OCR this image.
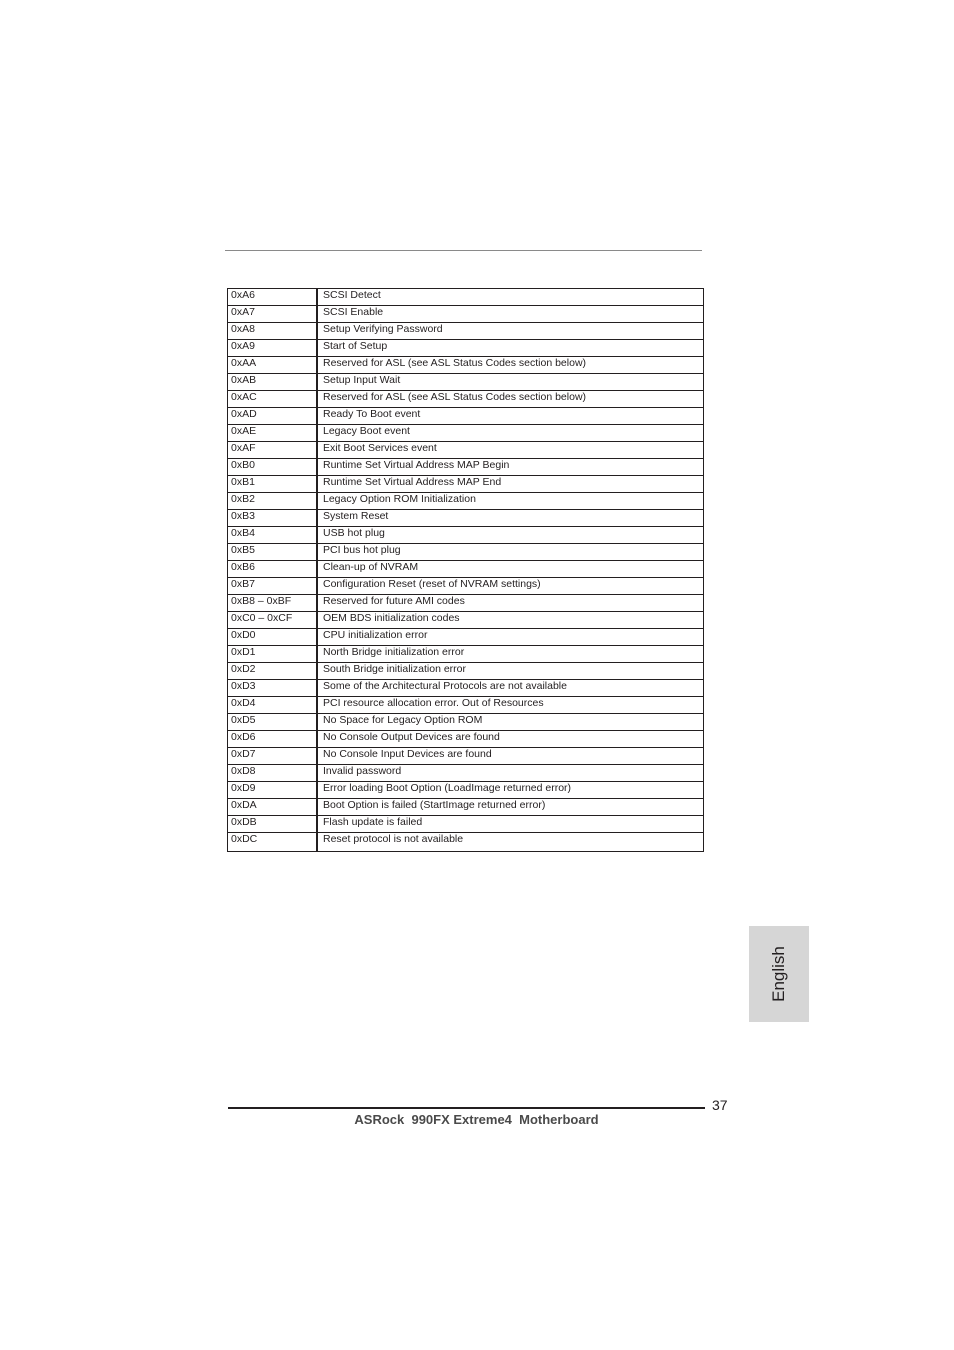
0xA6	SCSI Detect
0xA7	SCSI Enable
0xA8	Setup Verifying Password
0xA9	Start of Setup
0xAA	Reserved for ASL (see ASL Status Codes section below)
0xAB	Setup Input Wait
0xAC	Reserved for ASL (see ASL Status Codes section below)
0xAD	Ready To Boot event
0xAE	Legacy Boot event
0xAF	Exit Boot Services event
0xB0	Runtime Set Virtual Address MAP Begin
0xB1	Runtime Set Virtual Address MAP End
0xB2	Legacy Option ROM Initialization
0xB3	System Reset
0xB4	USB hot plug
0xB5	PCI bus hot plug
0xB6	Clean-up of NVRAM
0xB7	Configuration Reset (reset of NVRAM settings)
0xB8 – 0xBF	Reserved for future AMI codes
0xC0 – 0xCF	OEM BDS initialization codes
0xD0	CPU initialization error
0xD1	North Bridge initialization error
0xD2	South Bridge initialization error
0xD3	Some of the Architectural Protocols are not available
0xD4	PCI resource allocation error. Out of Resources
0xD5	No Space for Legacy Option ROM
0xD6	No Console Output Devices are found
0xD7	No Console Input Devices are found
0xD8	Invalid password
0xD9	Error loading Boot Option (LoadImage returned error)
0xDA	Boot Option is failed (StartImage returned error)
0xDB	Flash update is failed
0xDC	Reset protocol is not available
English
37
ASRock  990FX Extreme4  Motherboard
